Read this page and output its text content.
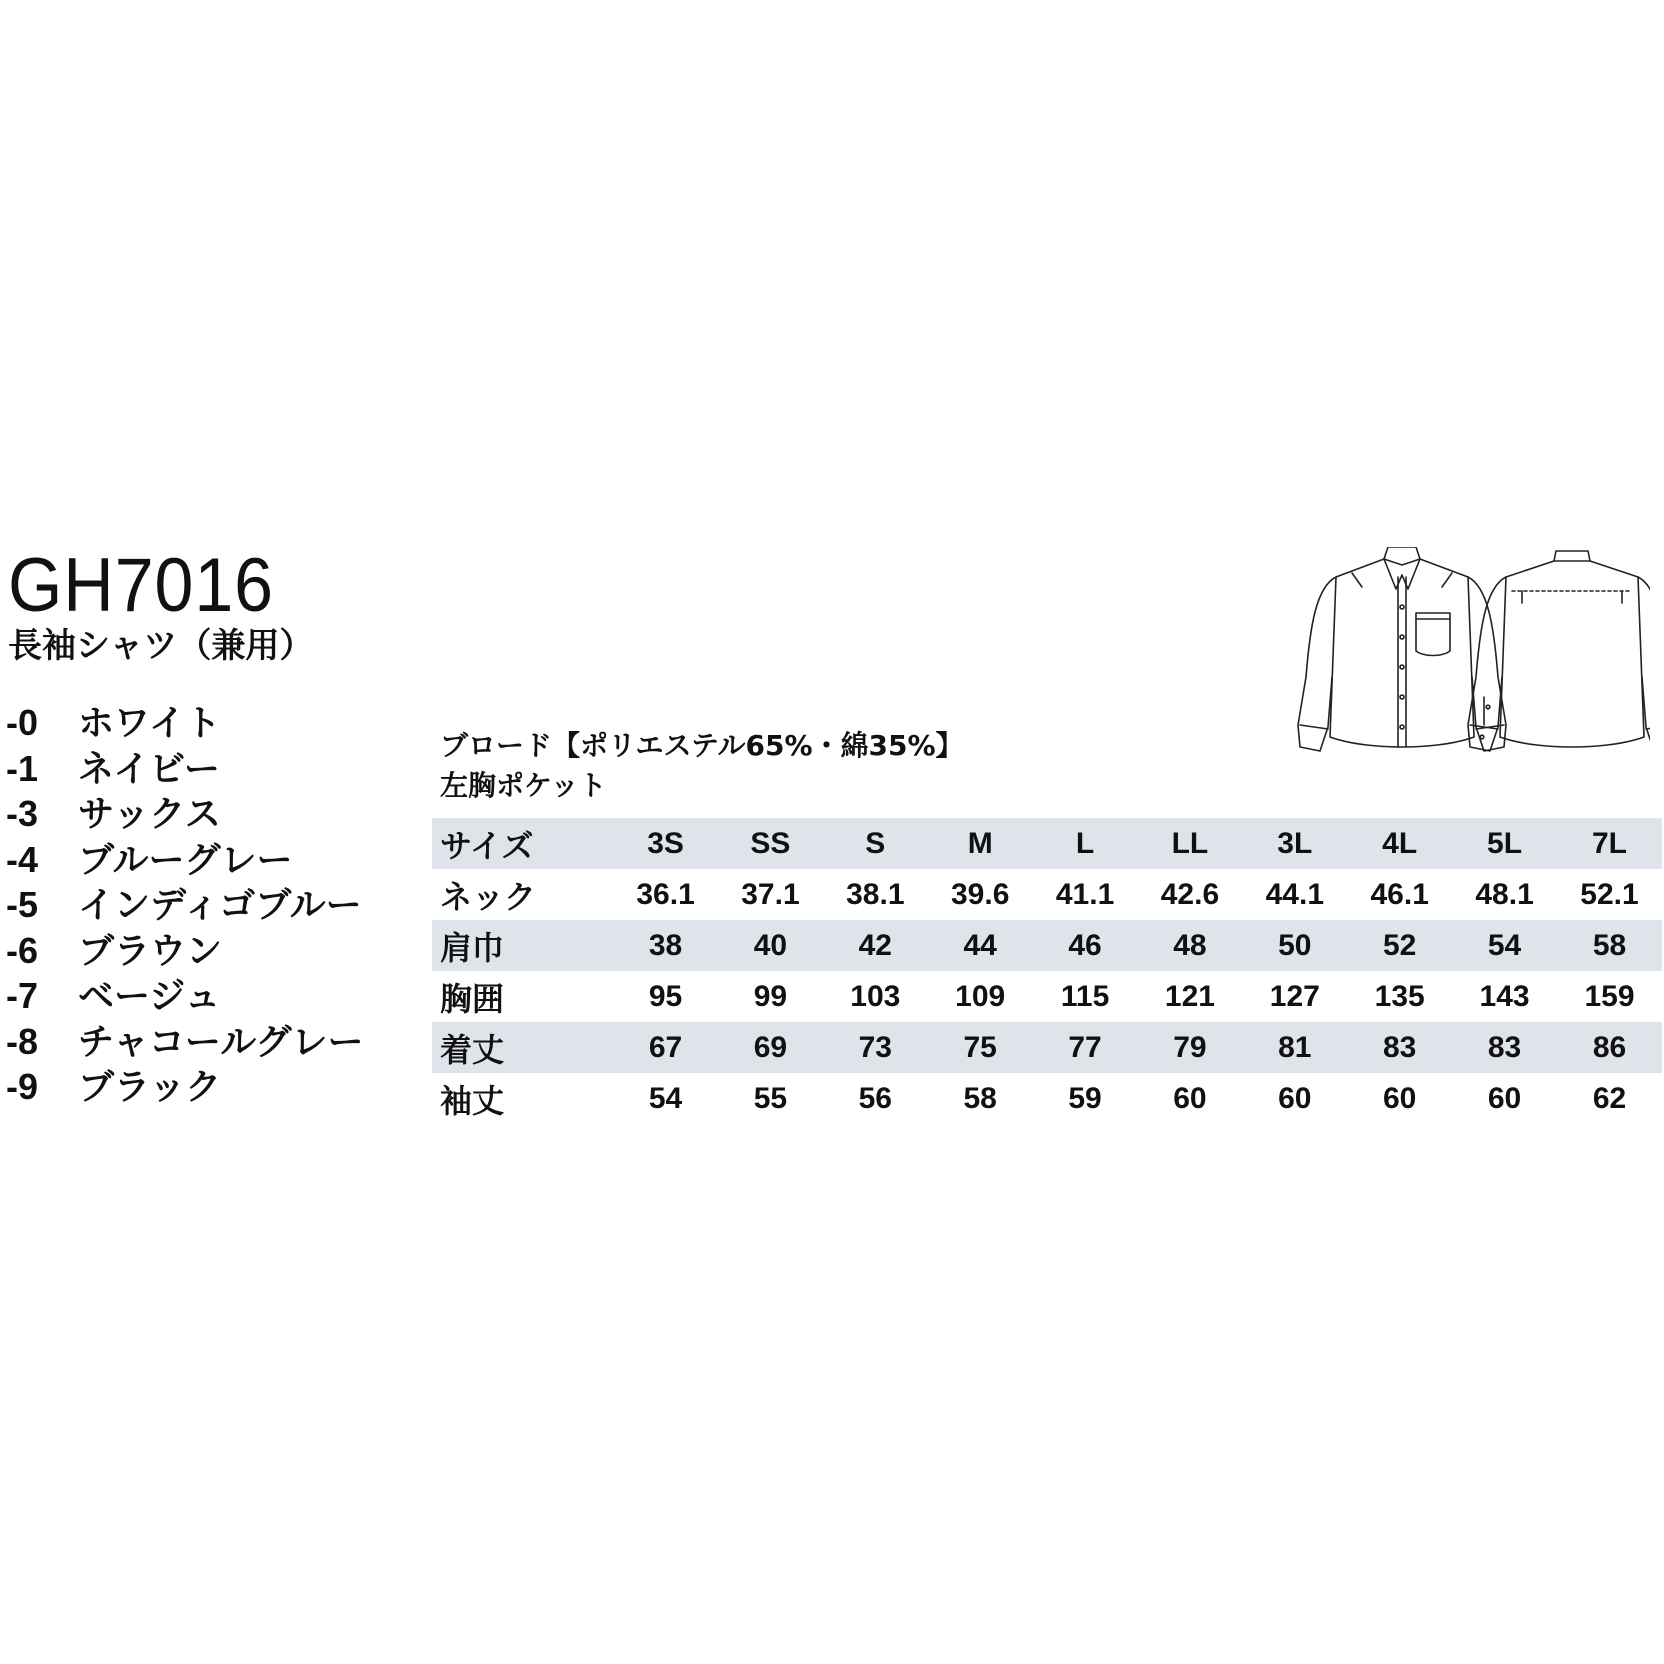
GH7016
長袖シャツ（兼用）
-0 ホワイト
-1 ネイビー
-3 サックス
-4 ブルーグレー
-5 インディゴブルー
-6 ブラウン
-7 ベージュ
-8 チャコールグレー
-9 ブラック
ブロード【ポリエステル65%・綿35%】
左胸ポケット
サイズ	3S	SS	S	M	L	LL	3L	4L	5L	7L
ネック	36.1	37.1	38.1	39.6	41.1	42.6	44.1	46.1	48.1	52.1
肩巾	38	40	42	44	46	48	50	52	54	58
胸囲	95	99	103	109	115	121	127	135	143	159
着丈	67	69	73	75	77	79	81	83	83	86
袖丈	54	55	56	58	59	60	60	60	60	62
